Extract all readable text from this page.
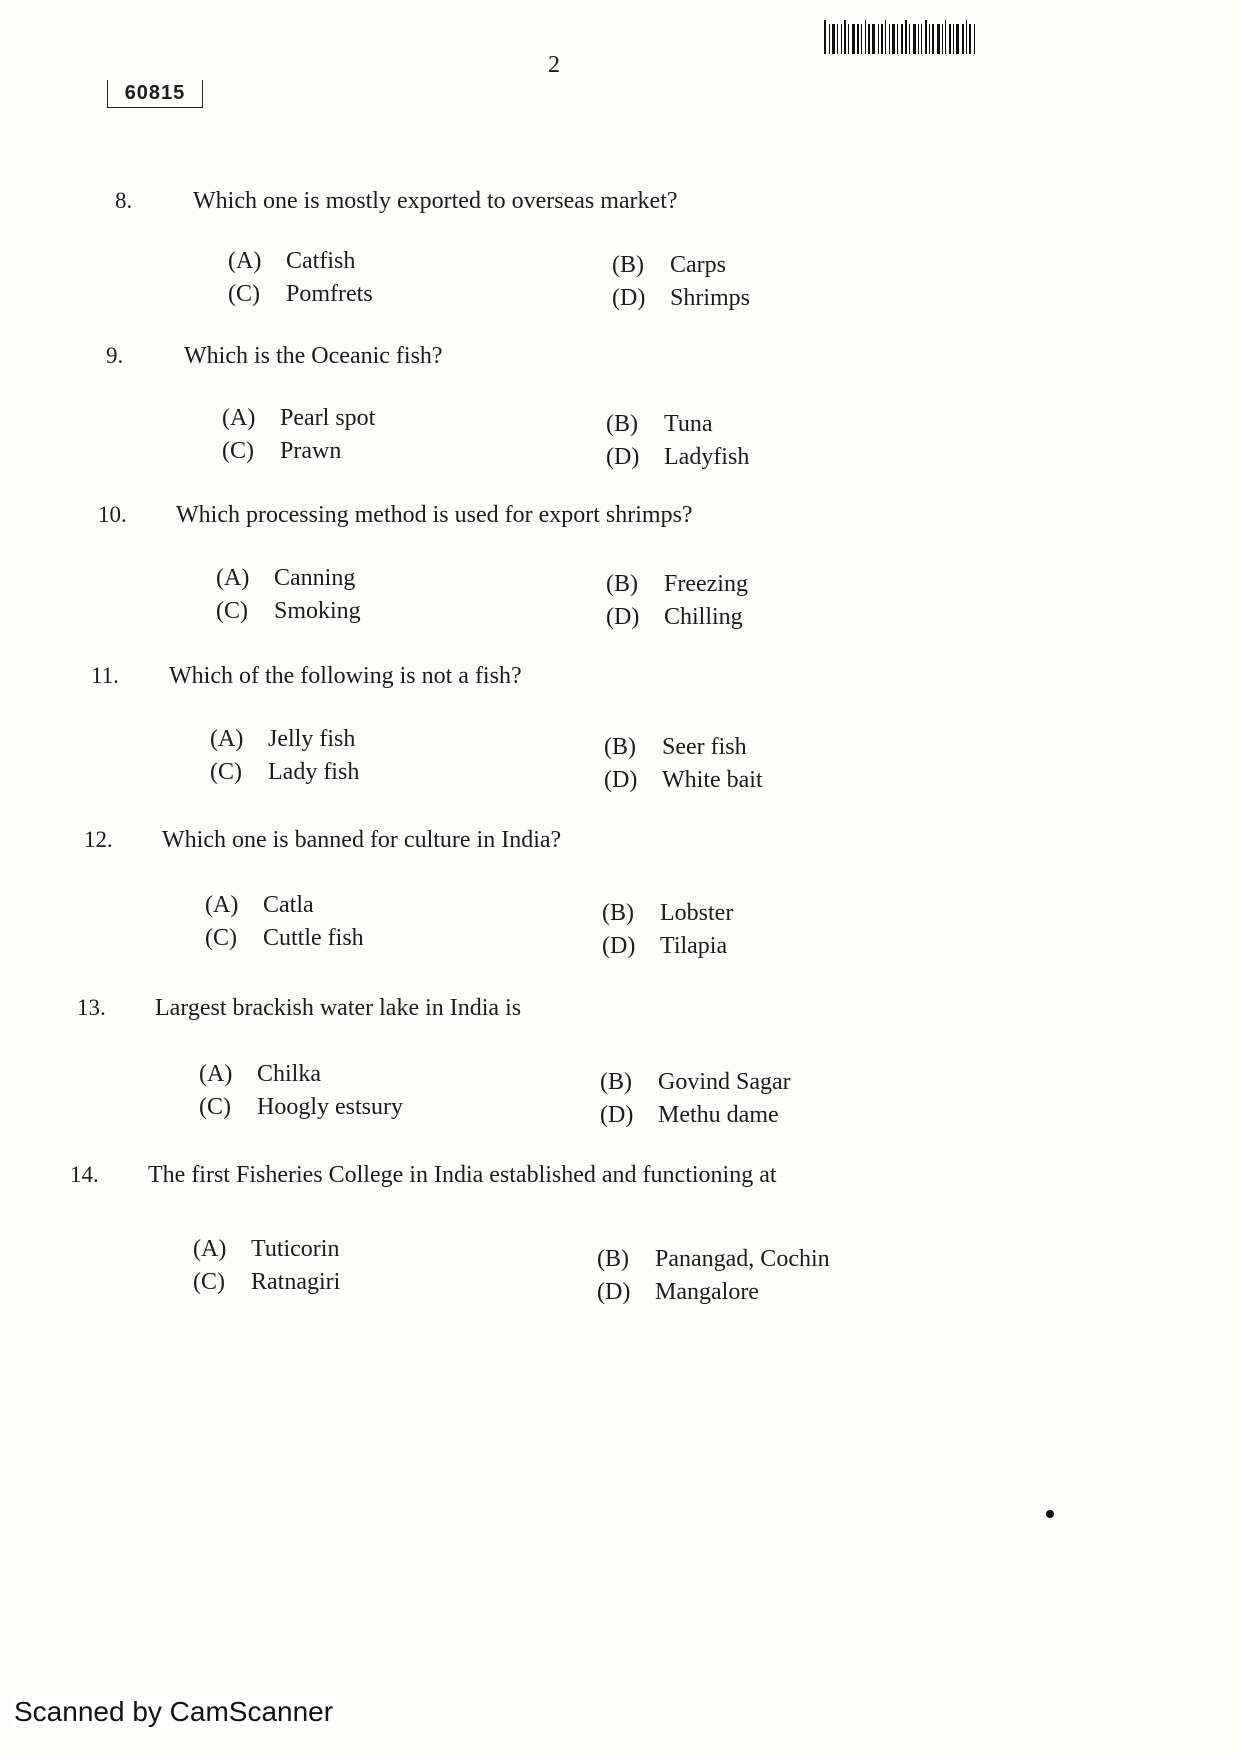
2
60815
8.	Which one is mostly exported to overseas market?
(A) Catfish	(B) Carps
(C) Pomfrets	(D) Shrimps
9.	Which is the Oceanic fish?
(A) Pearl spot	(B) Tuna
(C) Prawn	(D) Ladyfish
10. Which processing method is used for export shrimps?
(A) Canning	(B) Freezing
(C) Smoking	(D) Chilling
11. Which of the following is not a fish?
(A) Jelly fish	(B) Seer fish
(C) Lady fish	(D) White bait
12. Which one is banned for culture in India?
(A) Catla	(B) Lobster
(C) Cuttle fish	(D) Tilapia
13. Largest brackish water lake in India is
(A) Chilka	(B) Govind Sagar
(C) Hoogly estsury	(D) Methu dame
14. The first Fisheries College in India established and functioning at
(A) Tuticorin	(B) Panangad, Cochin
(C) Ratnagiri	(D) Mangalore
Scanned by CamScanner
